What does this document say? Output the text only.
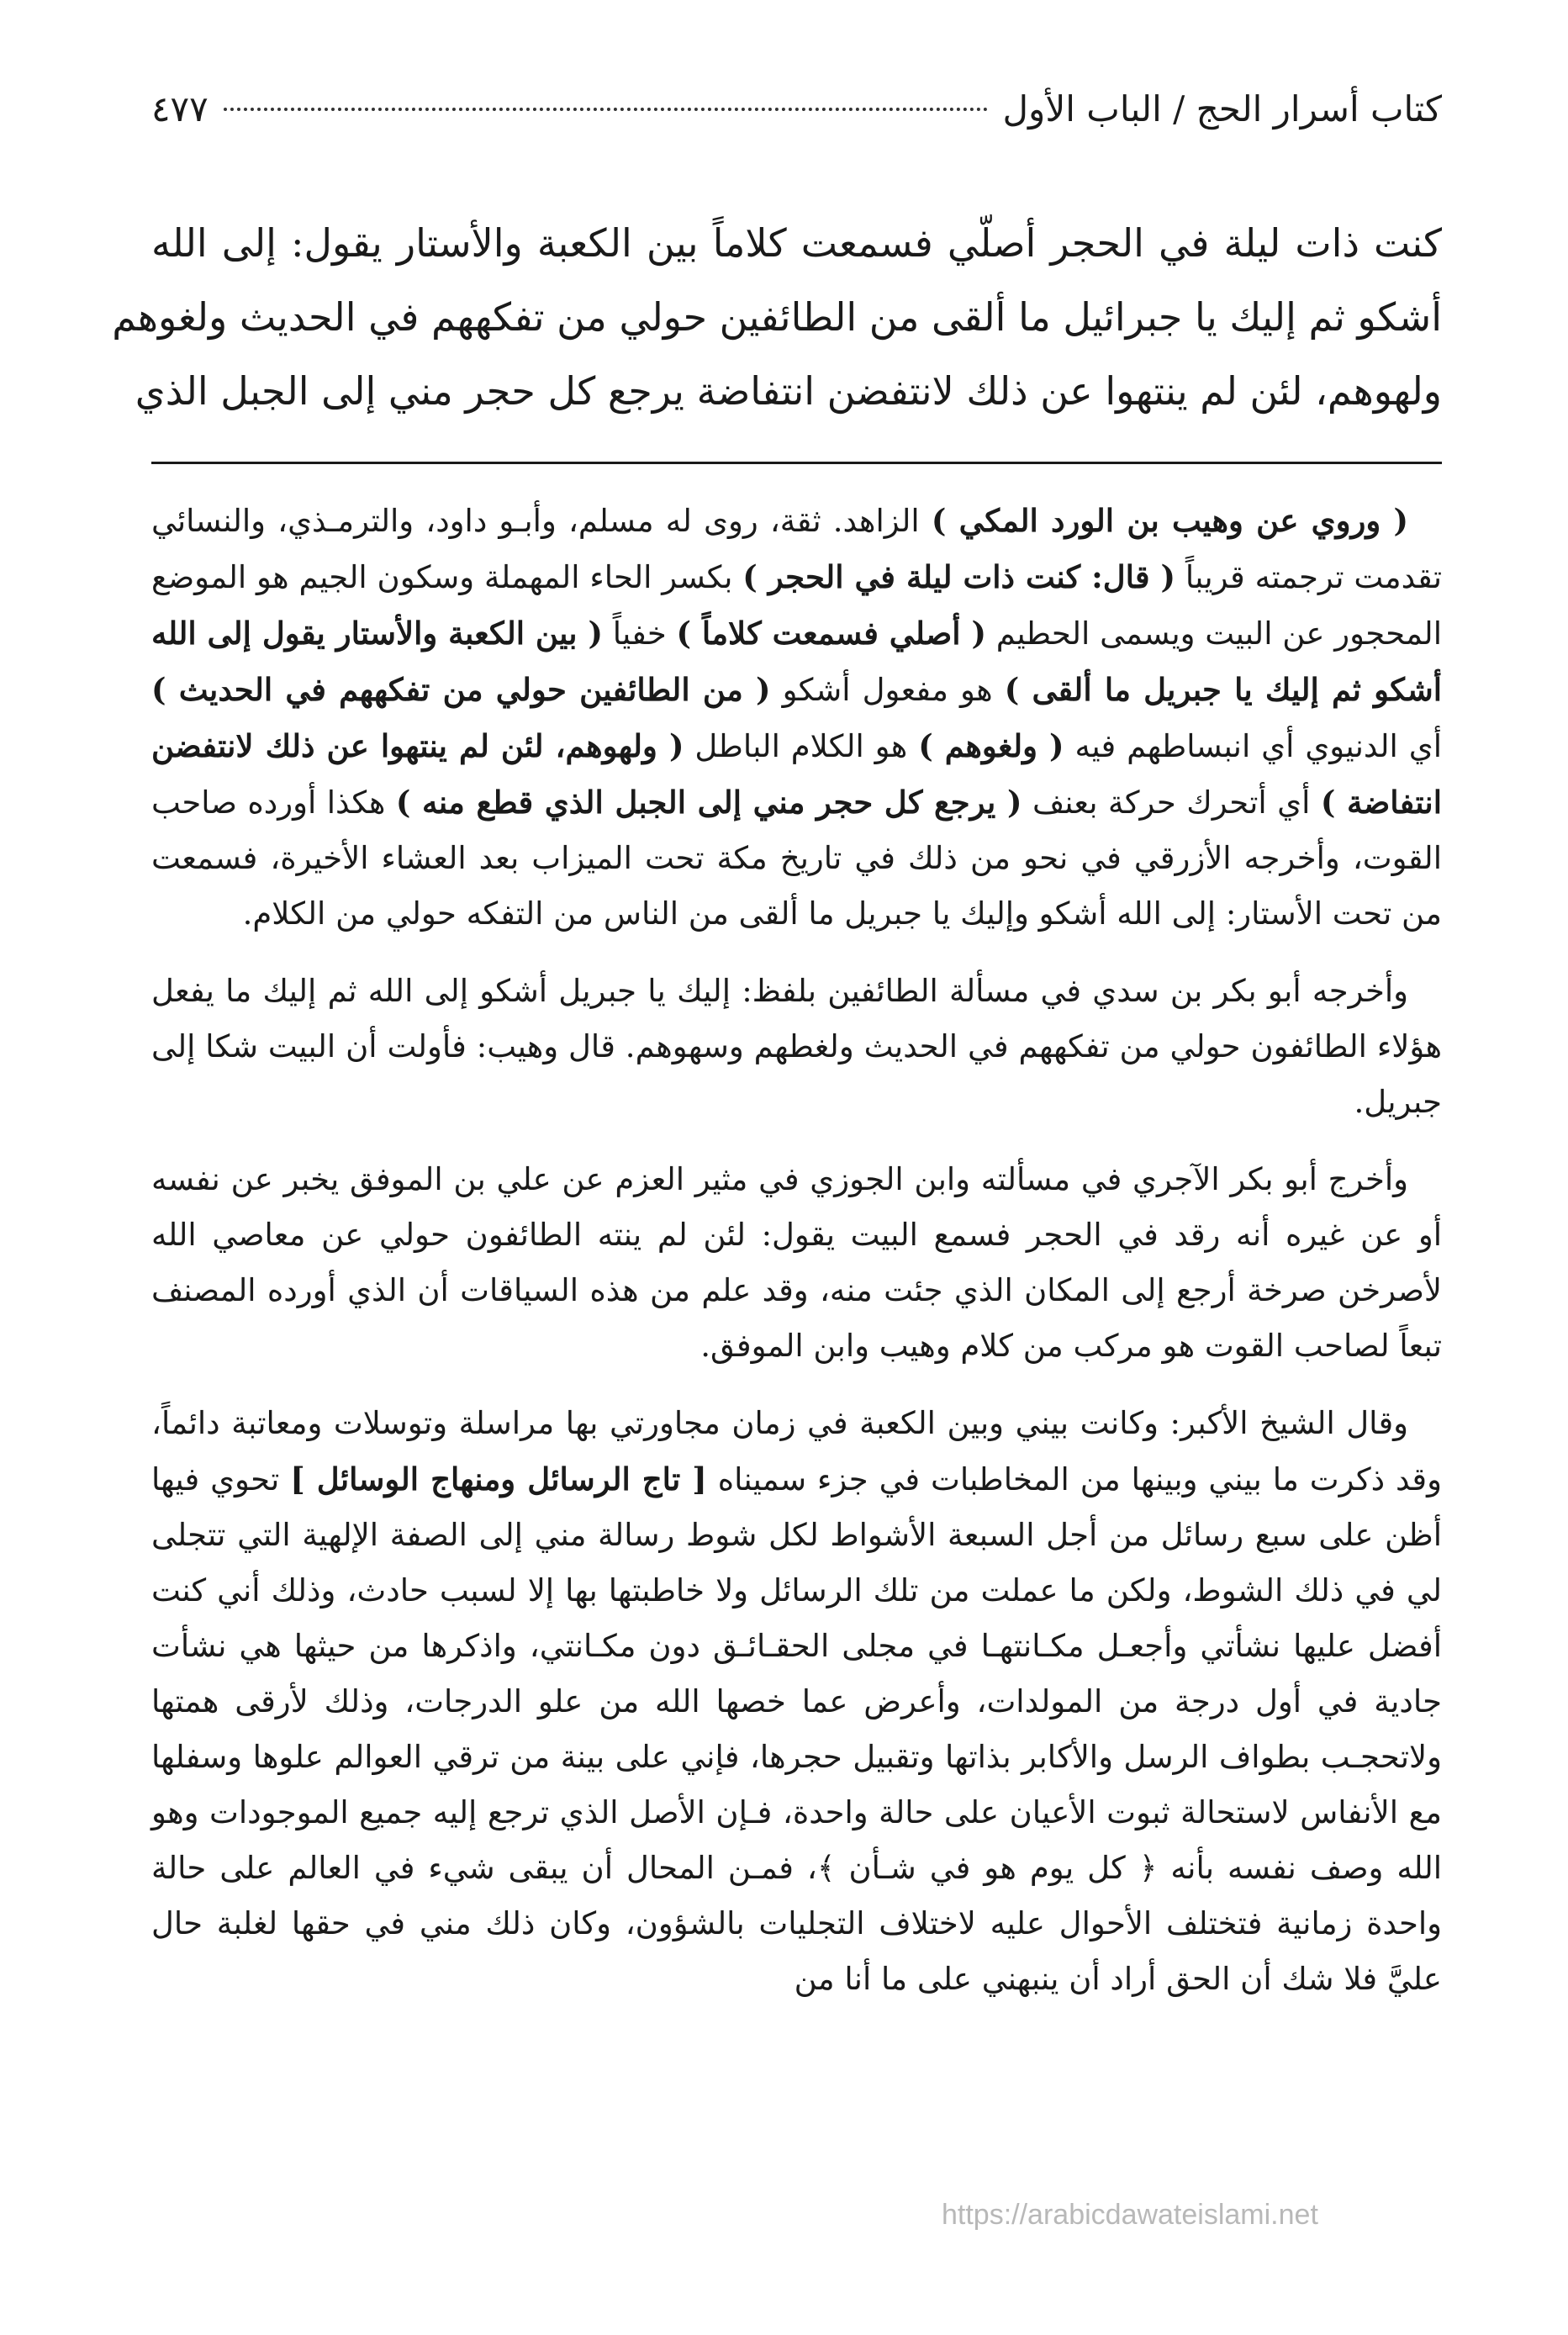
كتاب أسرار الحج / الباب الأول
٤٧٧
كنت ذات ليلة في الحجر أصلّي فسمعت كلاماً بين الكعبة والأستار يقول: إلى الله
أشكو ثم إليك يا جبرائيل ما ألقى من الطائفين حولي من تفكههم في الحديث ولغوهم
ولهوهم، لئن لم ينتهوا عن ذلك لانتفضن انتفاضة يرجع كل حجر مني إلى الجبل الذي

( وروي عن وهيب بن الورد المكي ) الزاهد. ثقة، روى له مسلم، وأبـو داود، والترمـذي، والنسائي تقدمت ترجمته قريباً ( قال: كنت ذات ليلة في الحجر ) بكسر الحاء المهملة وسكون الجيم هو الموضع المحجور عن البيت ويسمى الحطيم ( أصلي فسمعت كلاماً ) خفياً ( بين الكعبة والأستار يقول إلى الله أشكو ثم إليك يا جبريل ما ألقى ) هو مفعول أشكو ( من الطائفين حولي من تفكههم في الحديث ) أي الدنيوي أي انبساطهم فيه ( ولغوهم ) هو الكلام الباطل ( ولهوهم، لئن لم ينتهوا عن ذلك لانتفضن انتفاضة ) أي أتحرك حركة بعنف ( يرجع كل حجر مني إلى الجبل الذي قطع منه ) هكذا أورده صاحب القوت، وأخرجه الأزرقي في نحو من ذلك في تاريخ مكة تحت الميزاب بعد العشاء الأخيرة، فسمعت من تحت الأستار: إلى الله أشكو وإليك يا جبريل ما ألقى من الناس من التفكه حولي من الكلام.

وأخرجه أبو بكر بن سدي في مسألة الطائفين بلفظ: إليك يا جبريل أشكو إلى الله ثم إليك ما يفعل هؤلاء الطائفون حولي من تفكههم في الحديث ولغطهم وسهوهم. قال وهيب: فأولت أن البيت شكا إلى جبريل.

وأخرج أبو بكر الآجري في مسألته وابن الجوزي في مثير العزم عن علي بن الموفق يخبر عن نفسه أو عن غيره أنه رقد في الحجر فسمع البيت يقول: لئن لم ينته الطائفون حولي عن معاصي الله لأصرخن صرخة أرجع إلى المكان الذي جئت منه، وقد علم من هذه السياقات أن الذي أورده المصنف تبعاً لصاحب القوت هو مركب من كلام وهيب وابن الموفق.

وقال الشيخ الأكبر: وكانت بيني وبين الكعبة في زمان مجاورتي بها مراسلة وتوسلات ومعاتبة دائماً، وقد ذكرت ما بيني وبينها من المخاطبات في جزء سميناه [ تاج الرسائل ومنهاج الوسائل ] تحوي فيها أظن على سبع رسائل من أجل السبعة الأشواط لكل شوط رسالة مني إلى الصفة الإلهية التي تتجلى لي في ذلك الشوط، ولكن ما عملت من تلك الرسائل ولا خاطبتها بها إلا لسبب حادث، وذلك أني كنت أفضل عليها نشأتي وأجعـل مكـانتهـا في مجلى الحقـائـق دون مكـانتي، واذكرها من حيثها هي نشأت جادية في أول درجة من المولدات، وأعرض عما خصها الله من علو الدرجات، وذلك لأرقى همتها ولاتحجـب بطواف الرسل والأكابر بذاتها وتقبيل حجرها، فإني على بينة من ترقي العوالم علوها وسفلها مع الأنفاس لاستحالة ثبوت الأعيان على حالة واحدة، فـإن الأصل الذي ترجع إليه جميع الموجودات وهو الله وصف نفسه بأنه ﴿ كل يوم هو في شـأن ﴾، فمـن المحال أن يبقى شيء في العالم على حالة واحدة زمانية فتختلف الأحوال عليه لاختلاف التجليات بالشؤون، وكان ذلك مني في حقها لغلبة حال عليَّ فلا شك أن الحق أراد أن ينبهني على ما أنا من

https://arabicdawateislami.net
